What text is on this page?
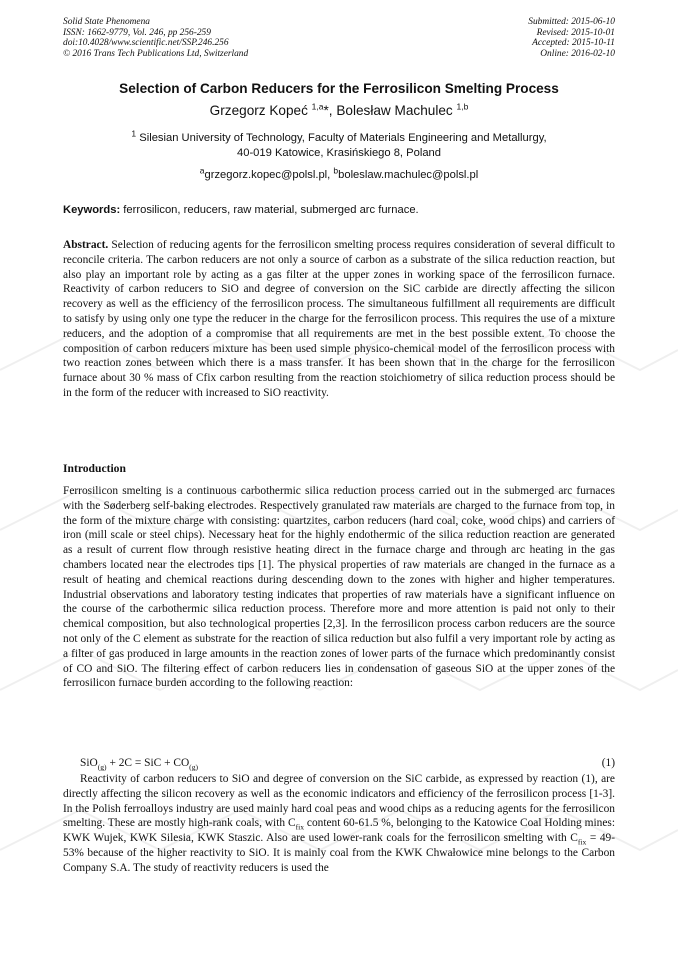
Solid State Phenomena
ISSN: 1662-9779, Vol. 246, pp 256-259
doi:10.4028/www.scientific.net/SSP.246.256
© 2016 Trans Tech Publications Ltd, Switzerland
Submitted: 2015-06-10
Revised: 2015-10-01
Accepted: 2015-10-11
Online: 2016-02-10
Selection of Carbon Reducers for the Ferrosilicon Smelting Process
Grzegorz Kopeć $^{1,a}$*, Bolesław Machulec $^{1,b}$
$^1$ Silesian University of Technology, Faculty of Materials Engineering and Metallurgy,
40-019 Katowice, Krasińskiego 8, Poland
$^a$grzegorz.kopec@polsl.pl, $^b$boleslaw.machulec@polsl.pl
Keywords: ferrosilicon, reducers, raw material, submerged arc furnace.
Abstract. Selection of reducing agents for the ferrosilicon smelting process requires consideration of several difficult to reconcile criteria. The carbon reducers are not only a source of carbon as a substrate of the silica reduction reaction, but also play an important role by acting as a gas filter at the upper zones in working space of the ferrosilicon furnace. Reactivity of carbon reducers to SiO and degree of conversion on the SiC carbide are directly affecting the silicon recovery as well as the efficiency of the ferrosilicon process. The simultaneous fulfillment all requirements are difficult to satisfy by using only one type the reducer in the charge for the ferrosilicon process. This requires the use of a mixture reducers, and the adoption of a compromise that all requirements are met in the best possible extent. To choose the composition of carbon reducers mixture has been used simple physico-chemical model of the ferrosilicon process with two reaction zones between which there is a mass transfer. It has been shown that in the charge for the ferrosilicon furnace about 30 % mass of Cfix carbon resulting from the reaction stoichiometry of silica reduction process should be in the form of the reducer with increased to SiO reactivity.
Introduction
Ferrosilicon smelting is a continuous carbothermic silica reduction process carried out in the submerged arc furnaces with the Søderberg self-baking electrodes. Respectively granulated raw materials are charged to the furnace from top, in the form of the mixture charge with consisting: quartzites, carbon reducers (hard coal, coke, wood chips) and carriers of iron (mill scale or steel chips). Necessary heat for the highly endothermic of the silica reduction reaction are generated as a result of current flow through resistive heating direct in the furnace charge and through arc heating in the gas chambers located near the electrodes tips [1]. The physical properties of raw materials are changed in the furnace as a result of heating and chemical reactions during descending down to the zones with higher and higher temperatures. Industrial observations and laboratory testing indicates that properties of raw materials have a significant influence on the course of the carbothermic silica reduction process. Therefore more and more attention is paid not only to their chemical composition, but also technological properties [2,3]. In the ferrosilicon process carbon reducers are the source not only of the C element as substrate for the reaction of silica reduction but also fulfil a very important role by acting as a filter of gas produced in large amounts in the reaction zones of lower parts of the furnace which predominantly consist of CO and SiO. The filtering effect of carbon reducers lies in condensation of gaseous SiO at the upper zones of the ferrosilicon furnace burden according to the following reaction:
SiO$_{(g)}$ + 2C = SiC + $CO_{(g)}$	(1)
Reactivity of carbon reducers to SiO and degree of conversion on the SiC carbide, as expressed by reaction (1), are directly affecting the silicon recovery as well as the economic indicators and efficiency of the ferrosilicon process [1-3]. In the Polish ferroalloys industry are used mainly hard coal peas and wood chips as a reducing agents for the ferrosilicon smelting. These are mostly high-rank coals, with $C_{fix}$ content 60-61.5 %, belonging to the Katowice Coal Holding mines: KWK Wujek, KWK Silesia, KWK Staszic. Also are used lower-rank coals for the ferrosilicon smelting with $C_{fix} = 49-53\%$ because of the higher reactivity to SiO. It is mainly coal from the KWK Chwałowice mine belongs to the Carbon Company S.A. The study of reactivity reducers is used the
